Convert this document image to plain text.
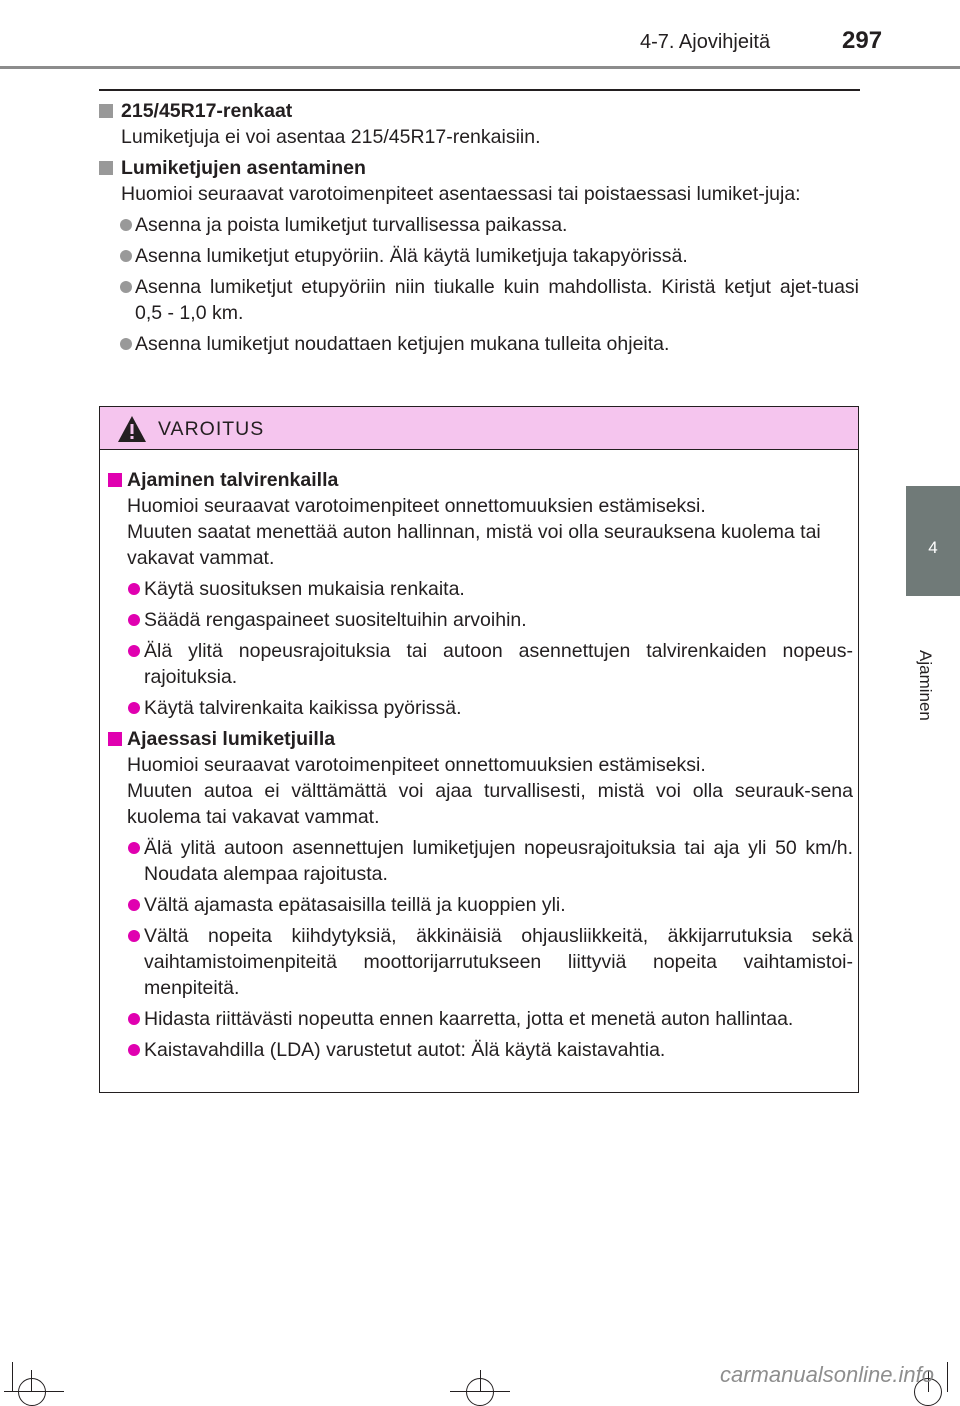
4-7. Ajovihjeitä	297
4
Ajaminen
215/45R17-renkaat
Lumiketjuja ei voi asentaa 215/45R17-renkaisiin.
Lumiketjujen asentaminen
Huomioi seuraavat varotoimenpiteet asentaessasi tai poistaessasi lumiket-juja:
Asenna ja poista lumiketjut turvallisessa paikassa.
Asenna lumiketjut etupyöriin. Älä käytä lumiketjuja takapyörissä.
Asenna lumiketjut etupyöriin niin tiukalle kuin mahdollista. Kiristä ketjut ajet-tuasi 0,5 - 1,0 km.
Asenna lumiketjut noudattaen ketjujen mukana tulleita ohjeita.
VAROITUS
Ajaminen talvirenkailla
Huomioi seuraavat varotoimenpiteet onnettomuuksien estämiseksi.
Muuten saatat menettää auton hallinnan, mistä voi olla seurauksena kuolema tai vakavat vammat.
Käytä suosituksen mukaisia renkaita.
Säädä rengaspaineet suositeltuihin arvoihin.
Älä ylitä nopeusrajoituksia tai autoon asennettujen talvirenkaiden nopeus-rajoituksia.
Käytä talvirenkaita kaikissa pyörissä.
Ajaessasi lumiketjuilla
Huomioi seuraavat varotoimenpiteet onnettomuuksien estämiseksi.
Muuten autoa ei välttämättä voi ajaa turvallisesti, mistä voi olla seurauk-sena kuolema tai vakavat vammat.
Älä ylitä autoon asennettujen lumiketjujen nopeusrajoituksia tai aja yli 50 km/h. Noudata alempaa rajoitusta.
Vältä ajamasta epätasaisilla teillä ja kuoppien yli.
Vältä nopeita kiihdytyksiä, äkkinäisiä ohjausliikkeitä, äkkijarrutuksia sekä vaihtamistoimenpiteitä moottorijarrutukseen liittyviä nopeita vaihtamistoi-menpiteitä.
Hidasta riittävästi nopeutta ennen kaarretta, jotta et menetä auton hallintaa.
Kaistavahdilla (LDA) varustetut autot: Älä käytä kaistavahtia.
carmanualsonline.info
